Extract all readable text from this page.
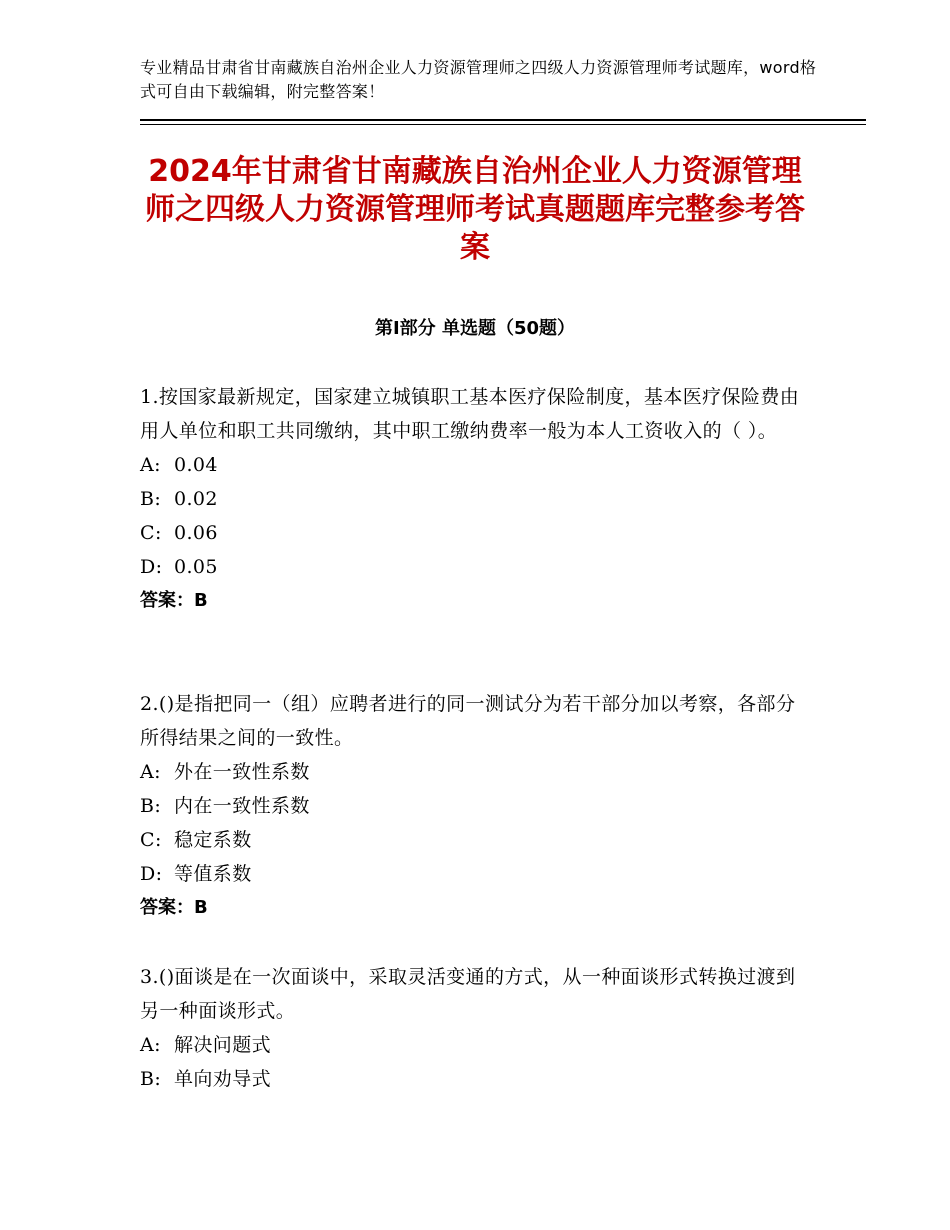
专业精品甘肃省甘南藏族自治州企业人力资源管理师之四级人力资源管理师考试题库，word格式可自由下载编辑，附完整答案！
2024年甘肃省甘南藏族自治州企业人力资源管理师之四级人力资源管理师考试真题题库完整参考答案
第Ⅰ部分 单选题（50题）

1.按国家最新规定，国家建立城镇职工基本医疗保险制度，基本医疗保险费由用人单位和职工共同缴纳，其中职工缴纳费率一般为本人工资收入的（ ）。

A: 0.04
B: 0.02
C: 0.06
D: 0.05
答案：B

2.()是指把同一（组）应聘者进行的同一测试分为若干部分加以考察，各部分所得结果之间的一致性。

A: 外在一致性系数
B: 内在一致性系数
C: 稳定系数
D: 等值系数
答案：B

3.()面谈是在一次面谈中，采取灵活变通的方式，从一种面谈形式转换过渡到另一种面谈形式。

A: 解决问题式
B: 单向劝导式
